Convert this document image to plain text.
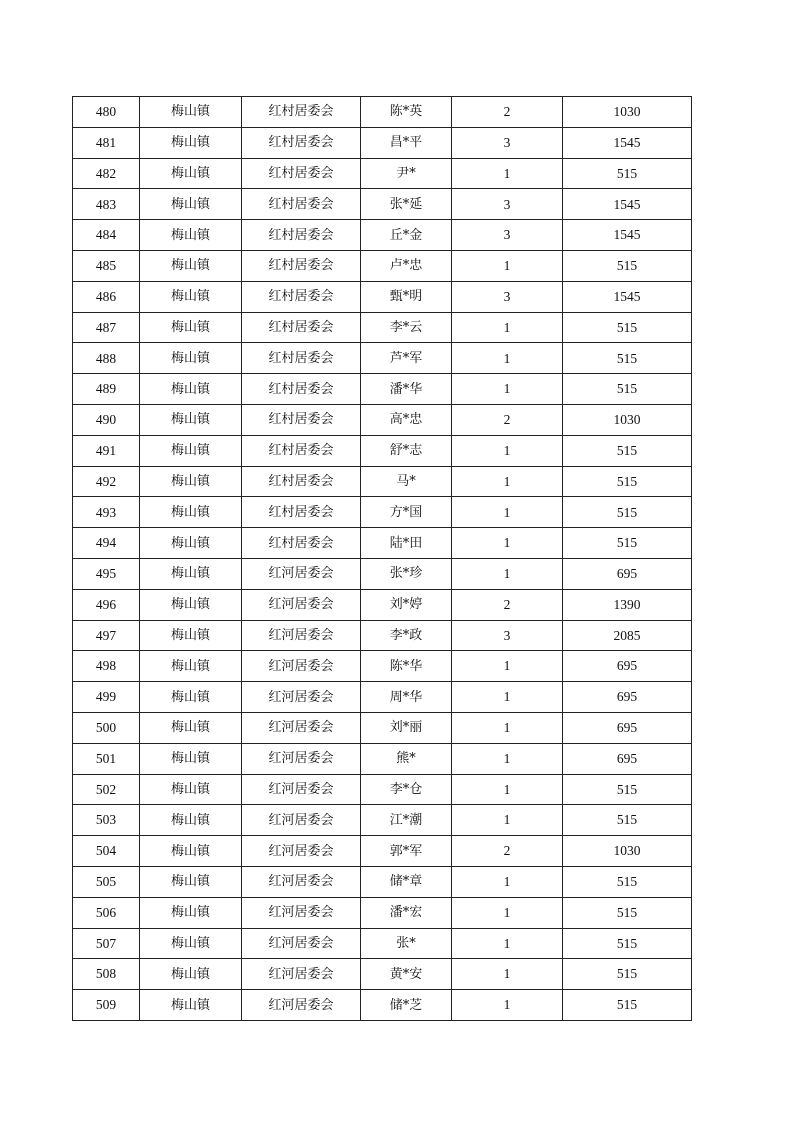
480	梅山镇	红村居委会	陈*英	2	1030
481	梅山镇	红村居委会	昌*平	3	1545
482	梅山镇	红村居委会	尹*	1	515
483	梅山镇	红村居委会	张*延	3	1545
484	梅山镇	红村居委会	丘*金	3	1545
485	梅山镇	红村居委会	卢*忠	1	515
486	梅山镇	红村居委会	甄*明	3	1545
487	梅山镇	红村居委会	李*云	1	515
488	梅山镇	红村居委会	芦*军	1	515
489	梅山镇	红村居委会	潘*华	1	515
490	梅山镇	红村居委会	高*忠	2	1030
491	梅山镇	红村居委会	舒*志	1	515
492	梅山镇	红村居委会	马*	1	515
493	梅山镇	红村居委会	方*国	1	515
494	梅山镇	红村居委会	陆*田	1	515
495	梅山镇	红河居委会	张*珍	1	695
496	梅山镇	红河居委会	刘*婷	2	1390
497	梅山镇	红河居委会	李*政	3	2085
498	梅山镇	红河居委会	陈*华	1	695
499	梅山镇	红河居委会	周*华	1	695
500	梅山镇	红河居委会	刘*丽	1	695
501	梅山镇	红河居委会	熊*	1	695
502	梅山镇	红河居委会	李*仓	1	515
503	梅山镇	红河居委会	江*潮	1	515
504	梅山镇	红河居委会	郭*军	2	1030
505	梅山镇	红河居委会	储*章	1	515
506	梅山镇	红河居委会	潘*宏	1	515
507	梅山镇	红河居委会	张*	1	515
508	梅山镇	红河居委会	黄*安	1	515
509	梅山镇	红河居委会	储*芝	1	515
